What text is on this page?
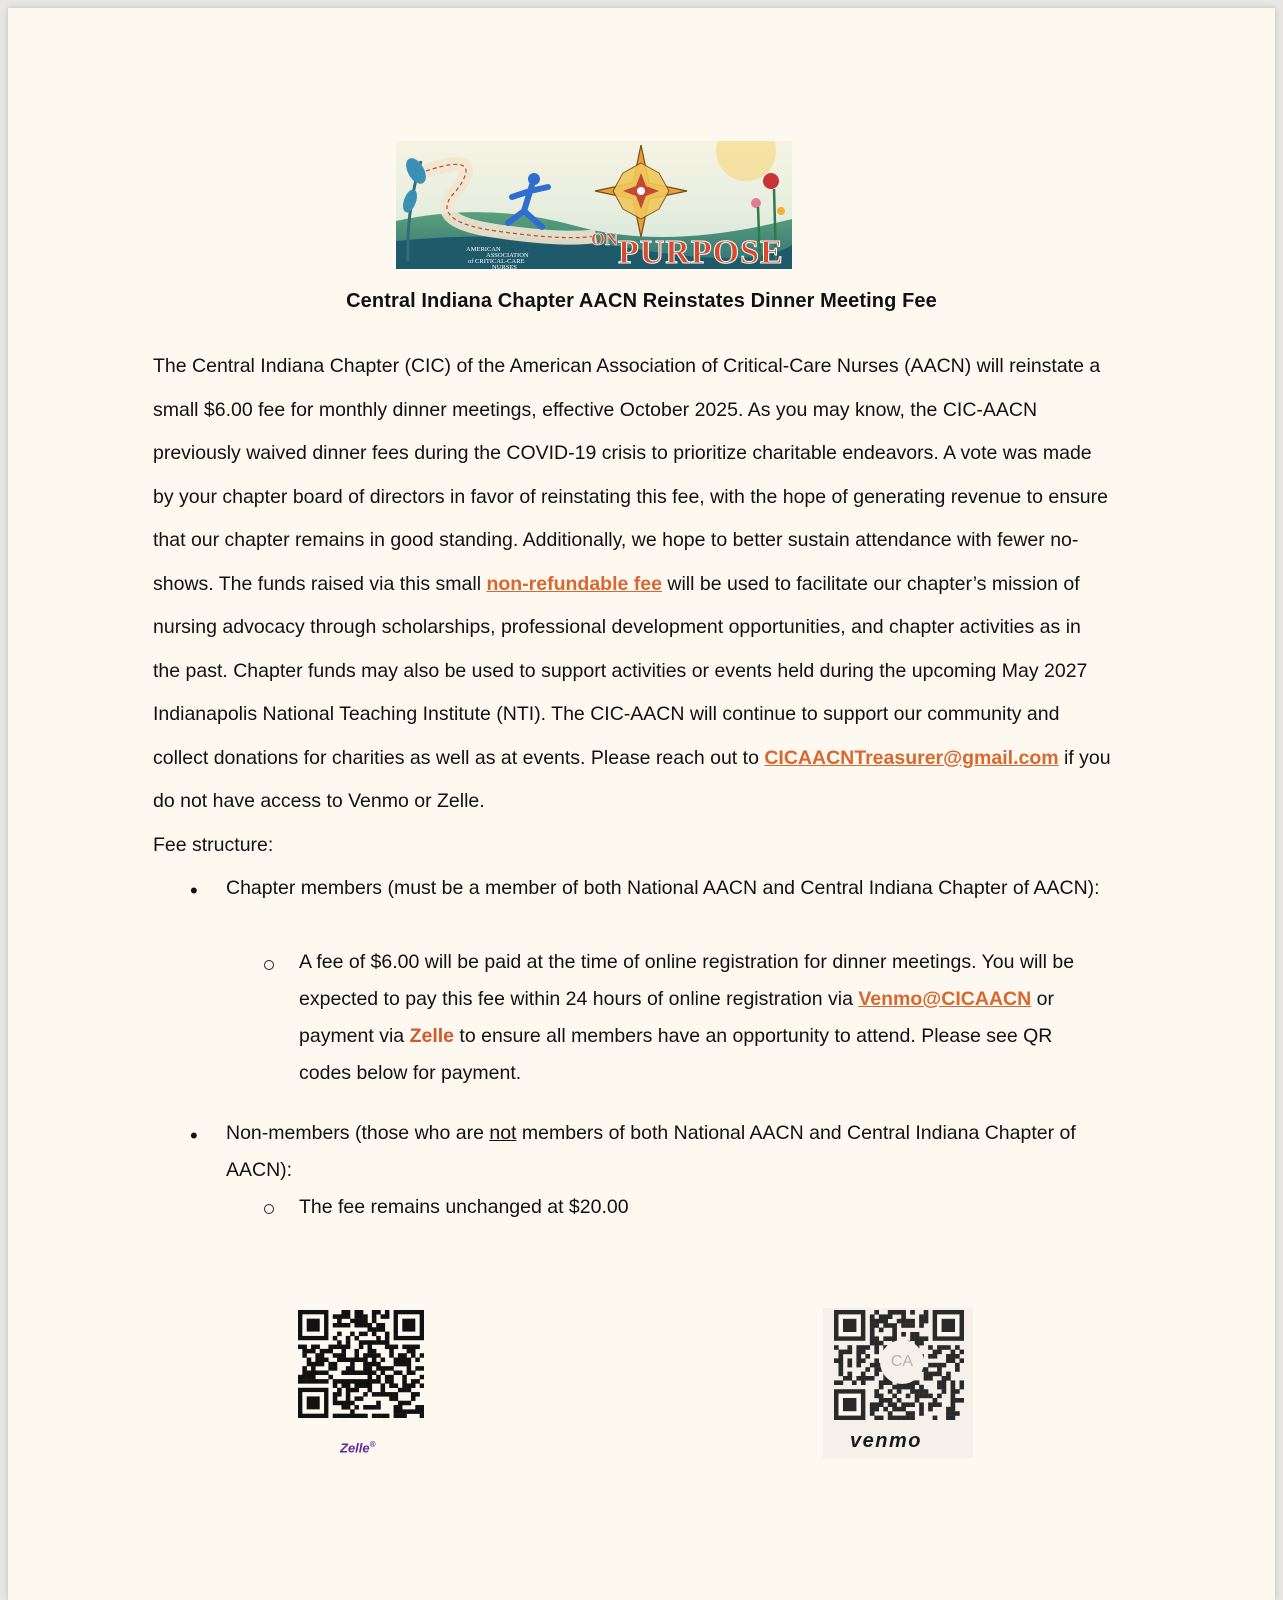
ON PURPOSE
AMERICAN
ASSOCIATION
of CRITICAL-CARE
NURSES
Central Indiana Chapter AACN Reinstates Dinner Meeting Fee
The Central Indiana Chapter (CIC) of the American Association of Critical-Care Nurses (AACN) will reinstate a small $6.00 fee for monthly dinner meetings, effective October 2025. As you may know, the CIC-AACN previously waived dinner fees during the COVID-19 crisis to prioritize charitable endeavors. A vote was made by your chapter board of directors in favor of reinstating this fee, with the hope of generating revenue to ensure that our chapter remains in good standing. Additionally, we hope to better sustain attendance with fewer no-shows. The funds raised via this small non-refundable fee will be used to facilitate our chapter’s mission of nursing advocacy through scholarships, professional development opportunities, and chapter activities as in the past. Chapter funds may also be used to support activities or events held during the upcoming May 2027 Indianapolis National Teaching Institute (NTI). The CIC-AACN will continue to support our community and collect donations for charities as well as at events. Please reach out to CICAACNTreasurer@gmail.com if you do not have access to Venmo or Zelle.
Fee structure:
• Chapter members (must be a member of both National AACN and Central Indiana Chapter of AACN):
A fee of $6.00 will be paid at the time of online registration for dinner meetings. You will be expected to pay this fee within 24 hours of online registration via Venmo@CICAACN or payment via Zelle to ensure all members have an opportunity to attend. Please see QR codes below for payment.
• Non-members (those who are not members of both National AACN and Central Indiana Chapter of AACN):
The fee remains unchanged at $20.00
Zelle®
CA
venmo
